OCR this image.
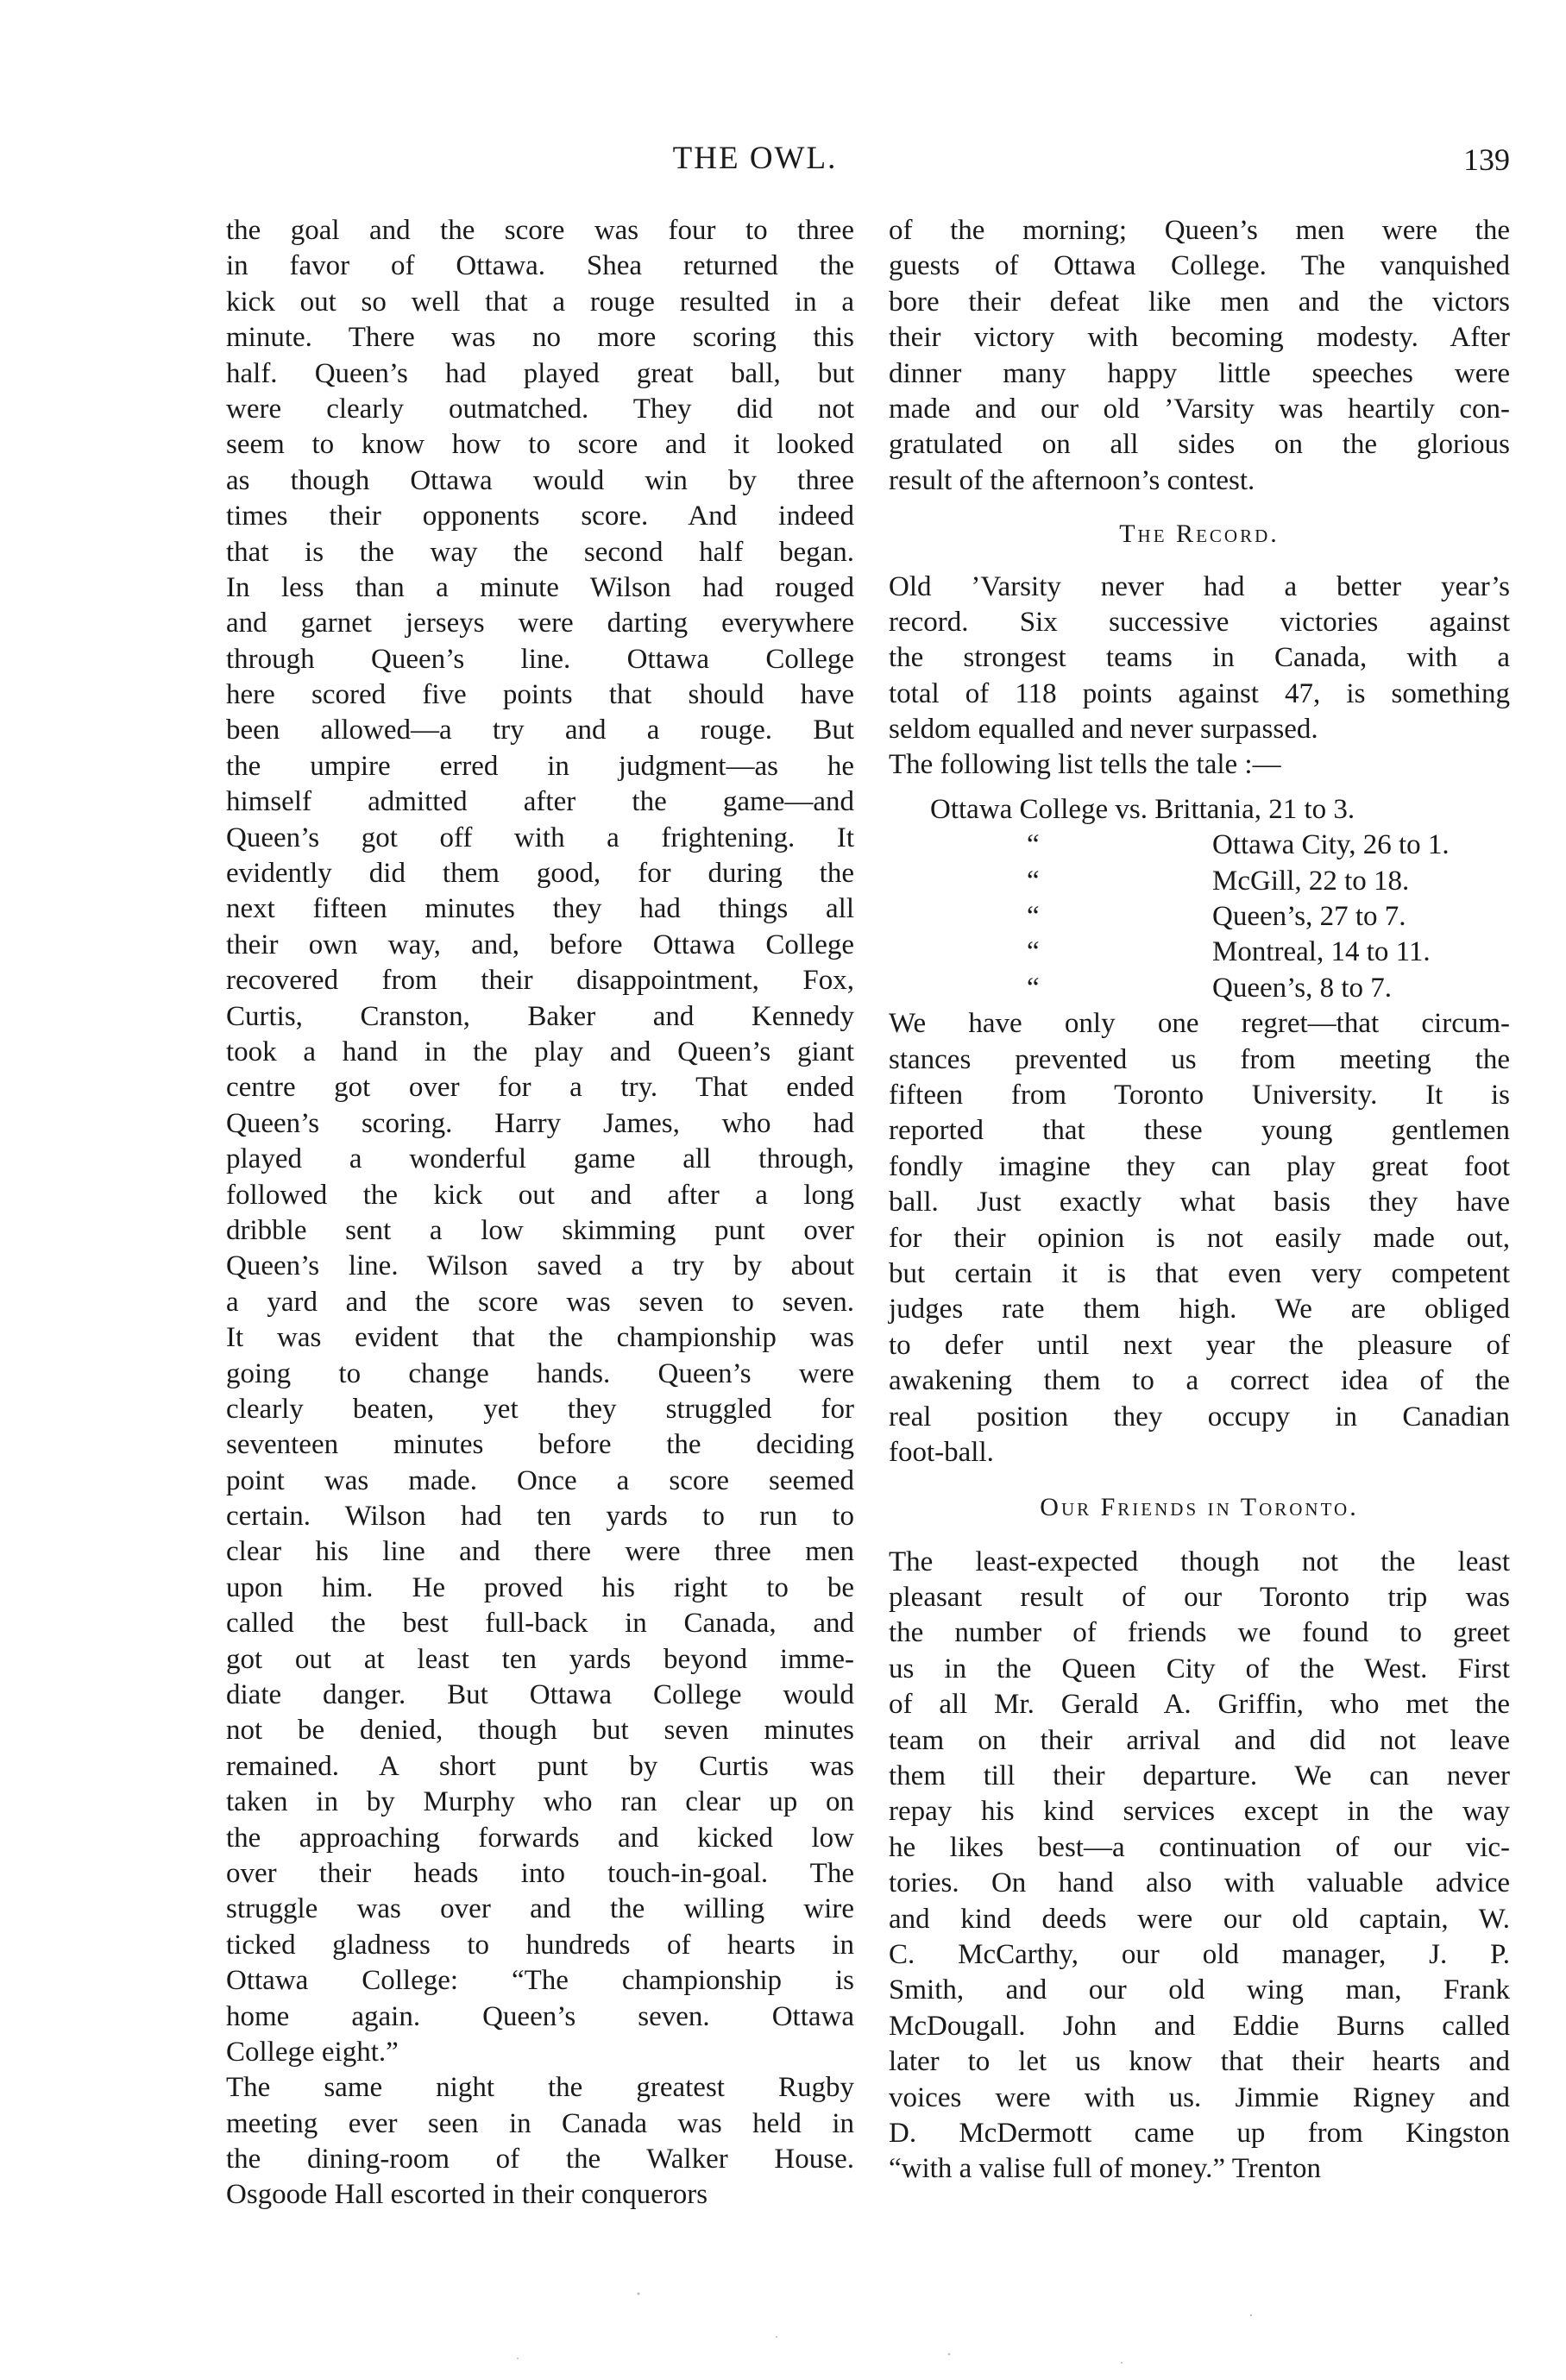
THE OWL.	139
the goal and the score was four to three
in favor of Ottawa. Shea returned the
kick out so well that a rouge resulted in a
minute. There was no more scoring this
half. Queen’s had played great ball, but
were clearly outmatched. They did not
seem to know how to score and it looked
as though Ottawa would win by three
times their opponents score. And indeed
that is the way the second half began.
In less than a minute Wilson had rouged
and garnet jerseys were darting everywhere
through Queen’s line. Ottawa College
here scored five points that should have
been allowed—a try and a rouge. But
the umpire erred in judgment—as he
himself admitted after the game—and
Queen’s got off with a frightening. It
evidently did them good, for during the
next fifteen minutes they had things all
their own way, and, before Ottawa College
recovered from their disappointment, Fox,
Curtis, Cranston, Baker and Kennedy
took a hand in the play and Queen’s giant
centre got over for a try. That ended
Queen’s scoring. Harry James, who had
played a wonderful game all through,
followed the kick out and after a long
dribble sent a low skimming punt over
Queen’s line. Wilson saved a try by about
a yard and the score was seven to seven.
It was evident that the championship was
going to change hands. Queen’s were
clearly beaten, yet they struggled for
seventeen minutes before the deciding
point was made. Once a score seemed
certain. Wilson had ten yards to run to
clear his line and there were three men
upon him. He proved his right to be
called the best full-back in Canada, and
got out at least ten yards beyond imme-
diate danger. But Ottawa College would
not be denied, though but seven minutes
remained. A short punt by Curtis was
taken in by Murphy who ran clear up on
the approaching forwards and kicked low
over their heads into touch-in-goal. The
struggle was over and the willing wire
ticked gladness to hundreds of hearts in
Ottawa College: “The championship is
home again. Queen’s seven. Ottawa
College eight.”
The same night the greatest Rugby
meeting ever seen in Canada was held in
the dining-room of the Walker House.
Osgoode Hall escorted in their conquerors
of the morning; Queen’s men were the
guests of Ottawa College. The vanquished
bore their defeat like men and the victors
their victory with becoming modesty. After
dinner many happy little speeches were
made and our old ’Varsity was heartily con-
gratulated on all sides on the glorious
result of the afternoon’s contest.
The Record.
Old ’Varsity never had a better year’s
record. Six successive victories against
the strongest teams in Canada, with a
total of 118 points against 47, is something
seldom equalled and never surpassed.
The following list tells the tale :—
Ottawa College vs. Brittania, 21 to 3.
“	Ottawa City, 26 to 1.
“	McGill, 22 to 18.
“	Queen’s, 27 to 7.
“	Montreal, 14 to 11.
“	Queen’s, 8 to 7.
We have only one regret—that circum-
stances prevented us from meeting the
fifteen from Toronto University. It is
reported that these young gentlemen
fondly imagine they can play great foot
ball. Just exactly what basis they have
for their opinion is not easily made out,
but certain it is that even very competent
judges rate them high. We are obliged
to defer until next year the pleasure of
awakening them to a correct idea of the
real position they occupy in Canadian
foot-ball.
Our Friends in Toronto.
The least-expected though not the least
pleasant result of our Toronto trip was
the number of friends we found to greet
us in the Queen City of the West. First
of all Mr. Gerald A. Griffin, who met the
team on their arrival and did not leave
them till their departure. We can never
repay his kind services except in the way
he likes best—a continuation of our vic-
tories. On hand also with valuable advice
and kind deeds were our old captain, W.
C. McCarthy, our old manager, J. P.
Smith, and our old wing man, Frank
McDougall. John and Eddie Burns called
later to let us know that their hearts and
voices were with us. Jimmie Rigney and
D. McDermott came up from Kingston
“with a valise full of money.” Trenton
